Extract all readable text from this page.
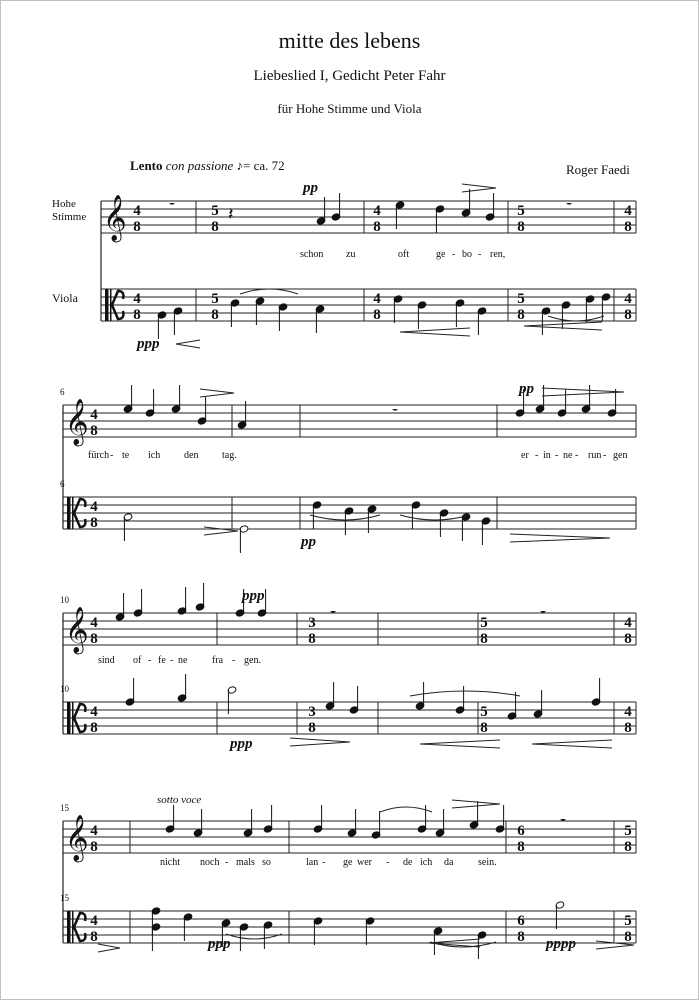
mitte des lebens
Liebeslied I, Gedicht Peter Fahr
für Hohe Stimme und Viola
Lento con passione ♪= ca. 72	Roger Faedi
Hohe
Stimme
Viola
𝄞 4
8
4
8
5
8
5
8
4
8
4
8
5
8
5
8
4
8
4
8
pp
ppp
schon zu	oft	ge - bo - ren,
𝄞 4
8
4
8
6
6
pp
pp
fürch - te ich den tag.	er - in - ne - run - gen
𝄞 4
8
4
8
3
8
3
8
5
8
5
8
4
8
4
8
10
10
ppp
ppp
sind of - fe - ne fra - gen.
𝄞 4
8
4
8
6
8
6
8
5
8
5
8
15
15
ppp	pppp
sotto voce
nicht noch - mals so	lan - ge wer - de ich da sein.
𝄻	𝄽	𝄻
𝄻
𝄻	𝄻
𝄻
